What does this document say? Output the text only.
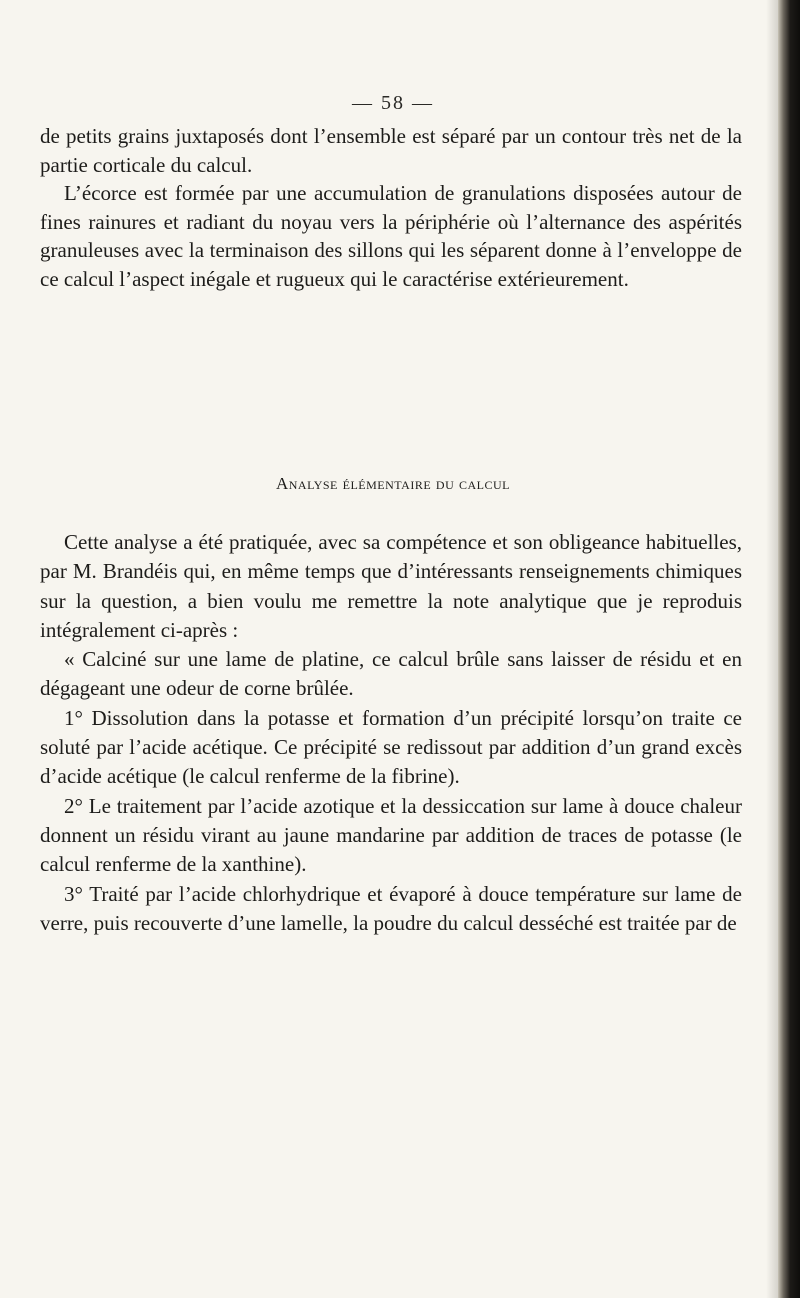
— 58 —

de petits grains juxtaposés dont l’ensemble est séparé par un contour très net de la partie corticale du calcul.

L’écorce est formée par une accumulation de granulations disposées autour de fines rainures et radiant du noyau vers la périphérie où l’alternance des aspérités granuleuses avec la terminaison des sillons qui les séparent donne à l’enveloppe de ce calcul l’aspect inégale et rugueux qui le caractérise extérieurement.

Analyse élémentaire du calcul

Cette analyse a été pratiquée, avec sa compétence et son obligeance habituelles, par M. Brandéis qui, en même temps que d’intéressants renseignements chimiques sur la question, a bien voulu me remettre la note analytique que je reproduis intégralement ci-après :

« Calciné sur une lame de platine, ce calcul brûle sans laisser de résidu et en dégageant une odeur de corne brûlée.

1° Dissolution dans la potasse et formation d’un précipité lorsqu’on traite ce soluté par l’acide acétique. Ce précipité se redissout par addition d’un grand excès d’acide acétique (le calcul renferme de la fibrine).

2° Le traitement par l’acide azotique et la dessiccation sur lame à douce chaleur donnent un résidu virant au jaune mandarine par addition de traces de potasse (le calcul renferme de la xanthine).

3° Traité par l’acide chlorhydrique et évaporé à douce température sur lame de verre, puis recouverte d’une lamelle, la poudre du calcul desséché est traitée par de
